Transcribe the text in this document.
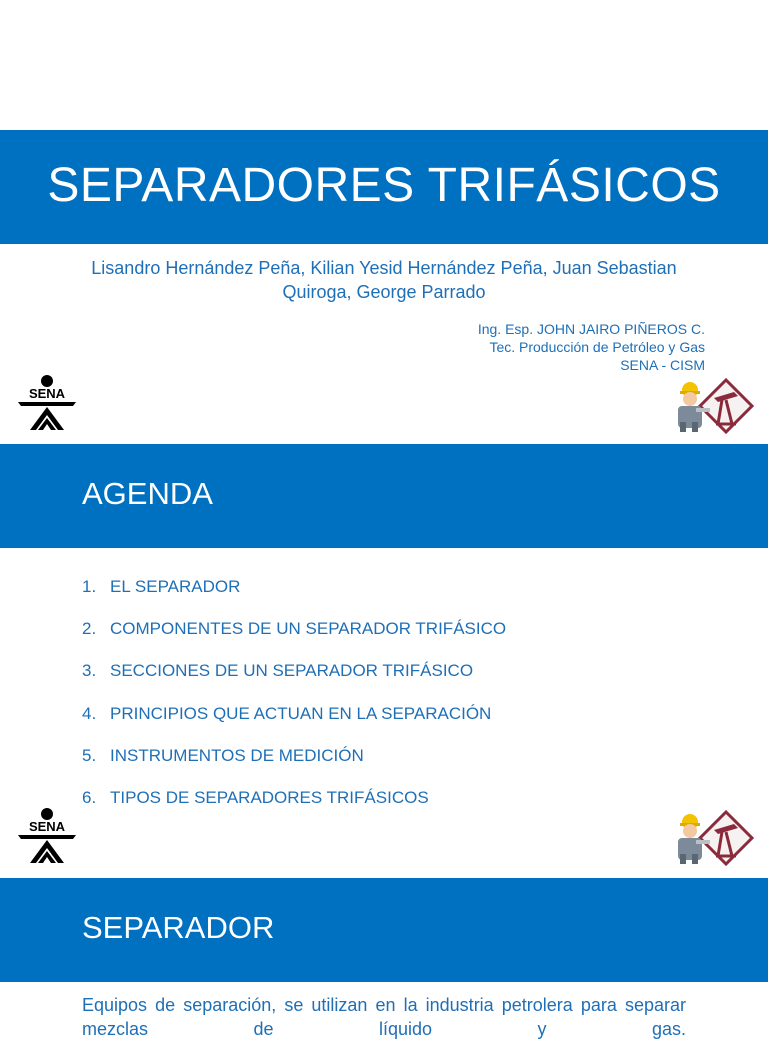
SEPARADORES TRIFÁSICOS
Lisandro Hernández Peña, Kilian Yesid Hernández Peña, Juan Sebastian Quiroga, George Parrado
Ing. Esp. JOHN JAIRO PIÑEROS C.
Tec. Producción de Petróleo y Gas
SENA - CISM
SENA
AGENDA
1. EL SEPARADOR
2. COMPONENTES DE UN SEPARADOR TRIFÁSICO
3. SECCIONES DE UN SEPARADOR TRIFÁSICO
4. PRINCIPIOS QUE ACTUAN EN LA SEPARACIÓN
5. INSTRUMENTOS DE MEDICIÓN
6. TIPOS DE SEPARADORES TRIFÁSICOS
SENA
SEPARADOR
Equipos de separación, se utilizan en la industria petrolera para separar mezclas de líquido y gas.
